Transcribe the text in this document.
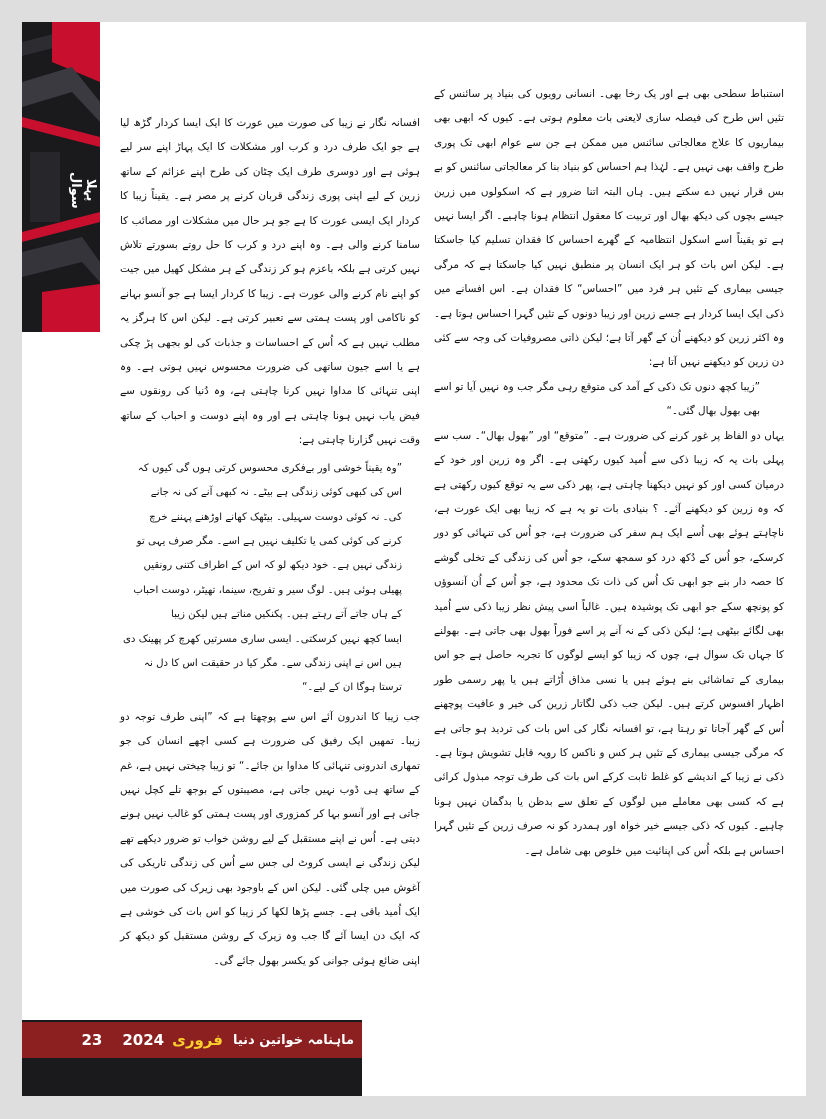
پہلا سوال

استنباط سطحی بھی ہے اور یک رخا بھی۔ انسانی رویوں کی بنیاد پر سائنس کے تئیں اس طرح کی فیصلہ سازی لایعنی بات معلوم ہوتی ہے۔ کیوں کہ ابھی بھی بیماریوں کا علاج معالجاتی سائنس میں ممکن ہے جن سے عوام ابھی تک پوری طرح واقف بھی نہیں ہے۔ لہٰذا ہم احساس کو بنیاد بنا کر معالجاتی سائنس کو بے بس قرار نہیں دے سکتے ہیں۔ ہاں البتہ اتنا ضرور ہے کہ اسکولوں میں زرین جیسے بچوں کی دیکھ بھال اور تربیت کا معقول انتظام ہونا چاہیے۔ اگر ایسا نہیں ہے تو یقیناً اسے اسکول انتظامیہ کے گھرے احساس کا فقدان تسلیم کیا جاسکتا ہے۔ لیکن اس بات کو ہر ایک انسان پر منطبق نہیں کیا جاسکتا ہے کہ مرگی جیسی بیماری کے تئیں ہر فرد میں ”احساس“ کا فقدان ہے۔ اس افسانے میں ذکی ایک ایسا کردار ہے جسے زرین اور زیبا دونوں کے تئیں گہرا احساس ہوتا ہے۔ وہ اکثر زرین کو دیکھنے اُن کے گھر آتا ہے؛ لیکن ذاتی مصروفیات کی وجہ سے کئی دن زرین کو دیکھنے نہیں آتا ہے:

”زیبا کچھ دنوں تک ذکی کے آمد کی متوقع رہی مگر جب وہ نہیں آیا تو اسے بھی بھول بھال گئی۔“

یہاں دو الفاظ پر غور کرنے کی ضرورت ہے۔ ”متوقع“ اور ”بھول بھال“۔ سب سے پہلی بات یہ کہ زیبا ذکی سے اُمید کیوں رکھتی ہے۔ اگر وہ زرین اور خود کے درمیان کسی اور کو نہیں دیکھنا چاہتی ہے، پھر ذکی سے یہ توقع کیوں رکھتی ہے کہ وہ زرین کو دیکھنے آئے۔ ؟ بنیادی بات تو یہ ہے کہ زیبا بھی ایک عورت ہے، ناچاہتے ہوئے بھی اُسے ایک ہم سفر کی ضرورت ہے، جو اُس کی تنہائی کو دور کرسکے، جو اُس کے دُکھ درد کو سمجھ سکے، جو اُس کی زندگی کے تخلی گوشے کا حصہ دار بنے جو ابھی تک اُس کی ذات تک محدود ہے، جو اُس کے اُن آنسوؤں کو پونچھ سکے جو ابھی تک پوشیدہ ہیں۔ غالباً اسی پیش نظر زیبا ذکی سے اُمید بھی لگائے بیٹھی ہے؛ لیکن ذکی کے نہ آنے پر اسے فوراً بھول بھی جاتی ہے۔ بھولنے کا جہاں تک سوال ہے، چوں کہ زیبا کو ایسے لوگوں کا تجربہ حاصل ہے جو اس بیماری کے تماشائی بنے ہوئے ہیں یا نسی مذاق اُڑاتے ہیں یا پھر رسمی طور اظہار افسوس کرتے ہیں۔ لیکن جب ذکی لگاتار زرین کی خیر و عافیت پوچھنے اُس کے گھر آجاتا تو رہتا ہے، تو افسانہ نگار کی اس بات کی تردید ہو جاتی ہے کہ مرگی جیسی بیماری کے تئیں ہر کس و ناکس کا رویہ قابل تشویش ہوتا ہے۔ ذکی نے زیبا کے اندیشے کو غلط ثابت کرکے اس بات کی طرف توجہ مبذول کرائی ہے کہ کسی بھی معاملے میں لوگوں کے تعلق سے بدظن یا بدگمان نہیں ہونا چاہیے۔ کیوں کہ ذکی جیسے خیر خواہ اور ہمدرد کو نہ صرف زرین کے تئیں گہرا احساس ہے بلکہ اُس کی اپنائیت میں خلوص بھی شامل ہے۔

افسانہ نگار نے زیبا کی صورت میں عورت کا ایک ایسا کردار گڑھ لیا ہے جو ایک طرف درد و کرب اور مشکلات کا ایک پہاڑ اپنے سر لیے ہوئی ہے اور دوسری طرف ایک چٹان کی طرح اپنے عزائم کے ساتھ زرین کے لیے اپنی پوری زندگی قربان کرنے پر مصر ہے۔ یقیناً زیبا کا کردار ایک ایسی عورت کا ہے جو ہر حال میں مشکلات اور مصائب کا سامنا کرنے والی ہے۔ وہ اپنے درد و کرب کا حل روتے بسورتے تلاش نہیں کرتی ہے بلکہ باعزم ہو کر زندگی کے ہر مشکل کھیل میں جیت کو اپنے نام کرنے والی عورت ہے۔ زیبا کا کردار ایسا ہے جو آنسو بہانے کو ناکامی اور پست ہمتی سے تعبیر کرتی ہے۔ لیکن اس کا ہرگز یہ مطلب نہیں ہے کہ اُس کے احساسات و جذبات کی لو بجھی پڑ چکی ہے یا اسے جیون ساتھی کی ضرورت محسوس نہیں ہوتی ہے۔ وہ اپنی تنہائی کا مداوا نہیں کرنا چاہتی ہے، وہ دُنیا کی رونقوں سے فیض یاب نہیں ہونا چاہتی ہے اور وہ اپنے دوست و احباب کے ساتھ وقت نہیں گزارنا چاہتی ہے:

”وہ یقیناً خوشی اور بےفکری محسوس کرتی ہوں گی کیوں کہ

اس کی کبھی کوئی زندگی ہے بیٹے۔ نہ کبھی آنے کی نہ جانے

کی۔ نہ کوئی دوست سہیلی۔ بیٹھک کھانے اوڑھنے پہننے خرچ

کرنے کی کوئی کمی یا تکلیف نہیں ہے اسے۔ مگر صرف یہی تو

زندگی نہیں ہے۔ خود دیکھ لو کہ اس کے اطراف کتنی رونقیں

پھیلی ہوئی ہیں۔ لوگ سیر و تفریح، سینما، تھیٹر، دوست احباب

کے ہاں جاتے آتے رہتے ہیں۔ پکنکیں مناتے ہیں لیکن زیبا

ایسا کچھ نہیں کرسکتی۔ ایسی ساری مسرتیں کھرچ کر پھینک دی

ہیں اس نے اپنی زندگی سے۔ مگر کیا در حقیقت اس کا دل نہ

ترستا ہوگا ان کے لیے۔“

جب زیبا کا اندرون آئے اس سے پوچھتا ہے کہ ”اپنی طرف توجہ دو زیبا۔ تمھیں ایک رفیق کی ضرورت ہے کسی اچھے انسان کی جو تمھاری اندرونی تنہائی کا مداوا بن جائے۔“ تو زیبا چیختی نہیں ہے، غم کے ساتھ ہی ڈوب نہیں جاتی ہے، مصیبتوں کے بوجھ تلے کچل نہیں جاتی ہے اور آنسو بہا کر کمزوری اور پست ہمتی کو غالب نہیں ہونے دیتی ہے۔ اُس نے اپنے مستقبل کے لیے روشن خواب تو ضرور دیکھے تھے لیکن زندگی نے ایسی کروٹ لی جس سے اُس کی زندگی تاریکی کی آغوش میں چلی گئی۔ لیکن اس کے باوجود بھی زیرک کی صورت میں ایک اُمید باقی ہے۔ جسے پڑھا لکھا کر زیبا کو اس بات کی خوشی ہے کہ ایک دن ایسا آئے گا جب وہ زیرک کے روشن مستقبل کو دیکھ کر اپنی ضائع ہوئی جوانی کو یکسر بھول جائے گی۔

ماہنامہ خواتین دنیا
فروری
2024
23
